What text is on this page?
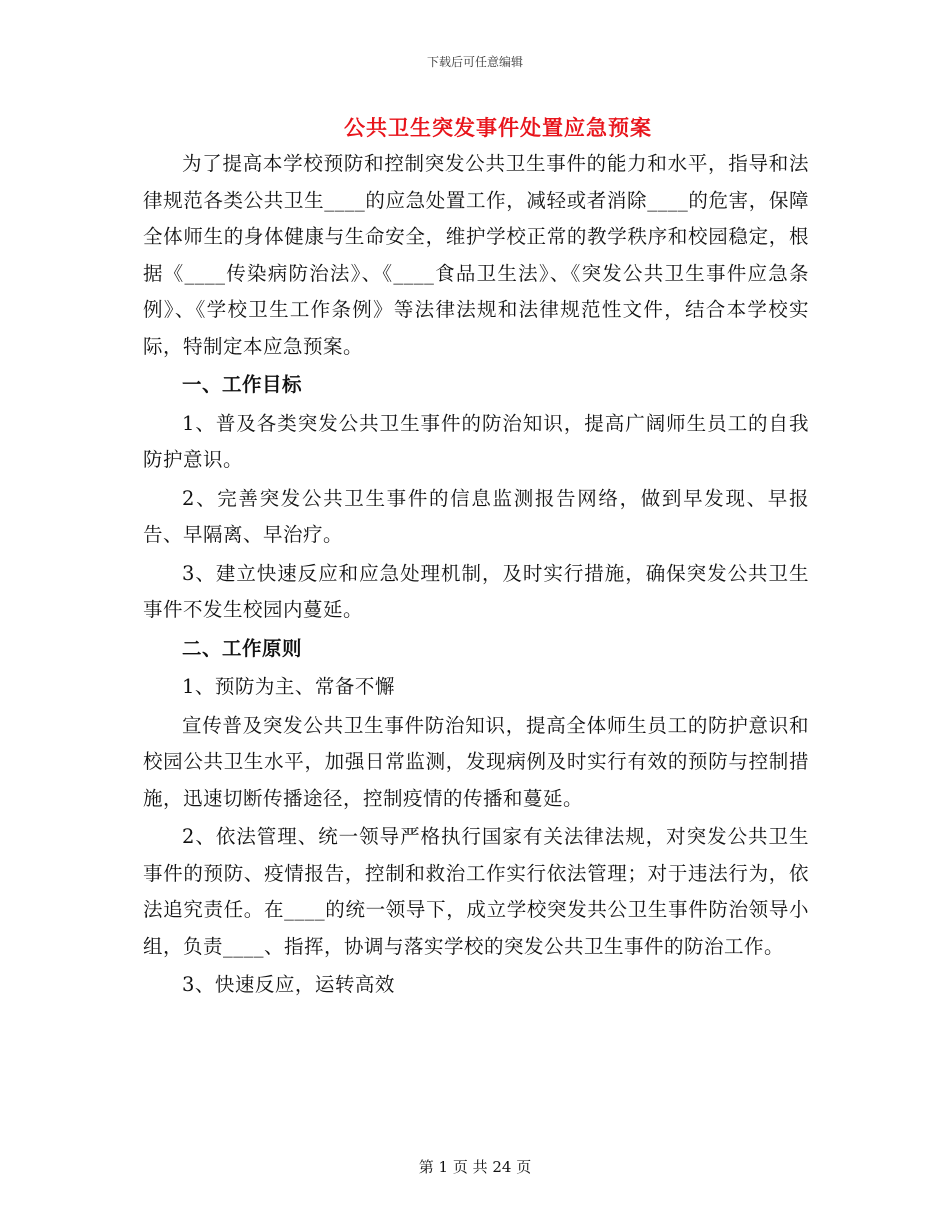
下载后可任意编辑
公共卫生突发事件处置应急预案

为了提高本学校预防和控制突发公共卫生事件的能力和水平，指导和法律规范各类公共卫生____的应急处置工作，减轻或者消除____的危害，保障全体师生的身体健康与生命安全，维护学校正常的教学秩序和校园稳定，根据《____传染病防治法》、《____食品卫生法》、《突发公共卫生事件应急条例》、《学校卫生工作条例》等法律法规和法律规范性文件，结合本学校实际，特制定本应急预案。

一、工作目标

1、普及各类突发公共卫生事件的防治知识，提高广阔师生员工的自我防护意识。

2、完善突发公共卫生事件的信息监测报告网络，做到早发现、早报告、早隔离、早治疗。

3、建立快速反应和应急处理机制，及时实行措施，确保突发公共卫生事件不发生校园内蔓延。

二、工作原则

1、预防为主、常备不懈

宣传普及突发公共卫生事件防治知识，提高全体师生员工的防护意识和校园公共卫生水平，加强日常监测，发现病例及时实行有效的预防与控制措施，迅速切断传播途径，控制疫情的传播和蔓延。

2、依法管理、统一领导严格执行国家有关法律法规，对突发公共卫生事件的预防、疫情报告，控制和救治工作实行依法管理；对于违法行为，依法追究责任。在____的统一领导下，成立学校突发共公卫生事件防治领导小组，负责____、指挥，协调与落实学校的突发公共卫生事件的防治工作。

3、快速反应，运转高效

第 1 页 共 24 页
